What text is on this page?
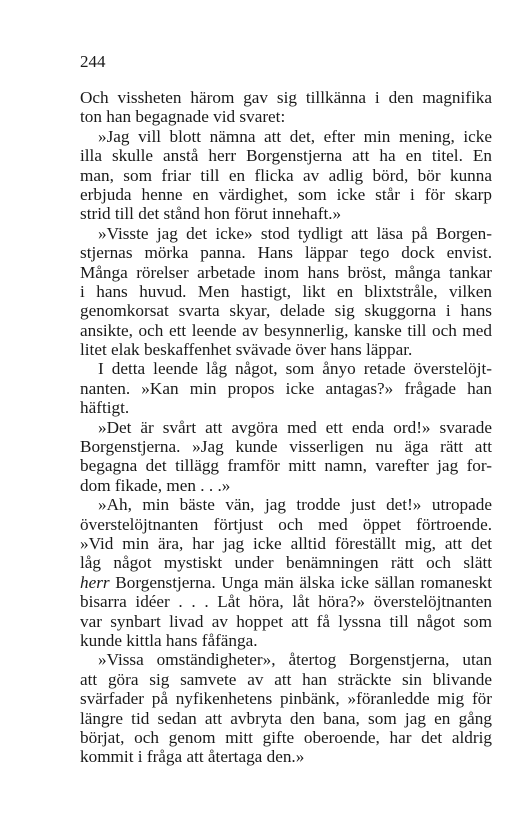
244
Och vissheten härom gav sig tillkänna i den magnifika
ton han begagnade vid svaret:
»Jag vill blott nämna att det, efter min mening, icke
illa skulle anstå herr Borgenstjerna att ha en titel. En
man, som friar till en flicka av adlig börd, bör kunna
erbjuda henne en värdighet, som icke står i för skarp
strid till det stånd hon förut innehaft.»
»Visste jag det icke» stod tydligt att läsa på Borgen-
stjernas mörka panna. Hans läppar tego dock envist.
Många rörelser arbetade inom hans bröst, många tankar
i hans huvud. Men hastigt, likt en blixtstråle, vilken
genomkorsat svarta skyar, delade sig skuggorna i hans
ansikte, och ett leende av besynnerlig, kanske till och med
litet elak beskaffenhet svävade över hans läppar.
I detta leende låg något, som ånyo retade överstelöjt-
nanten. »Kan min propos icke antagas?» frågade han
häftigt.
»Det är svårt att avgöra med ett enda ord!» svarade
Borgenstjerna. »Jag kunde visserligen nu äga rätt att
begagna det tillägg framför mitt namn, varefter jag for-
dom fikade, men . . .»
»Ah, min bäste vän, jag trodde just det!» utropade
överstelöjtnanten förtjust och med öppet förtroende.
»Vid min ära, har jag icke alltid föreställt mig, att det
låg något mystiskt under benämningen rätt och slätt
herr Borgenstjerna. Unga män älska icke sällan romaneskt
bisarra idéer . . . Låt höra, låt höra?» överstelöjtnanten
var synbart livad av hoppet att få lyssna till något som
kunde kittla hans fåfänga.
»Vissa omständigheter», återtog Borgenstjerna, utan
att göra sig samvete av att han sträckte sin blivande
svärfader på nyfikenhetens pinbänk, »föranledde mig för
längre tid sedan att avbryta den bana, som jag en gång
börjat, och genom mitt gifte oberoende, har det aldrig
kommit i fråga att återtaga den.»
